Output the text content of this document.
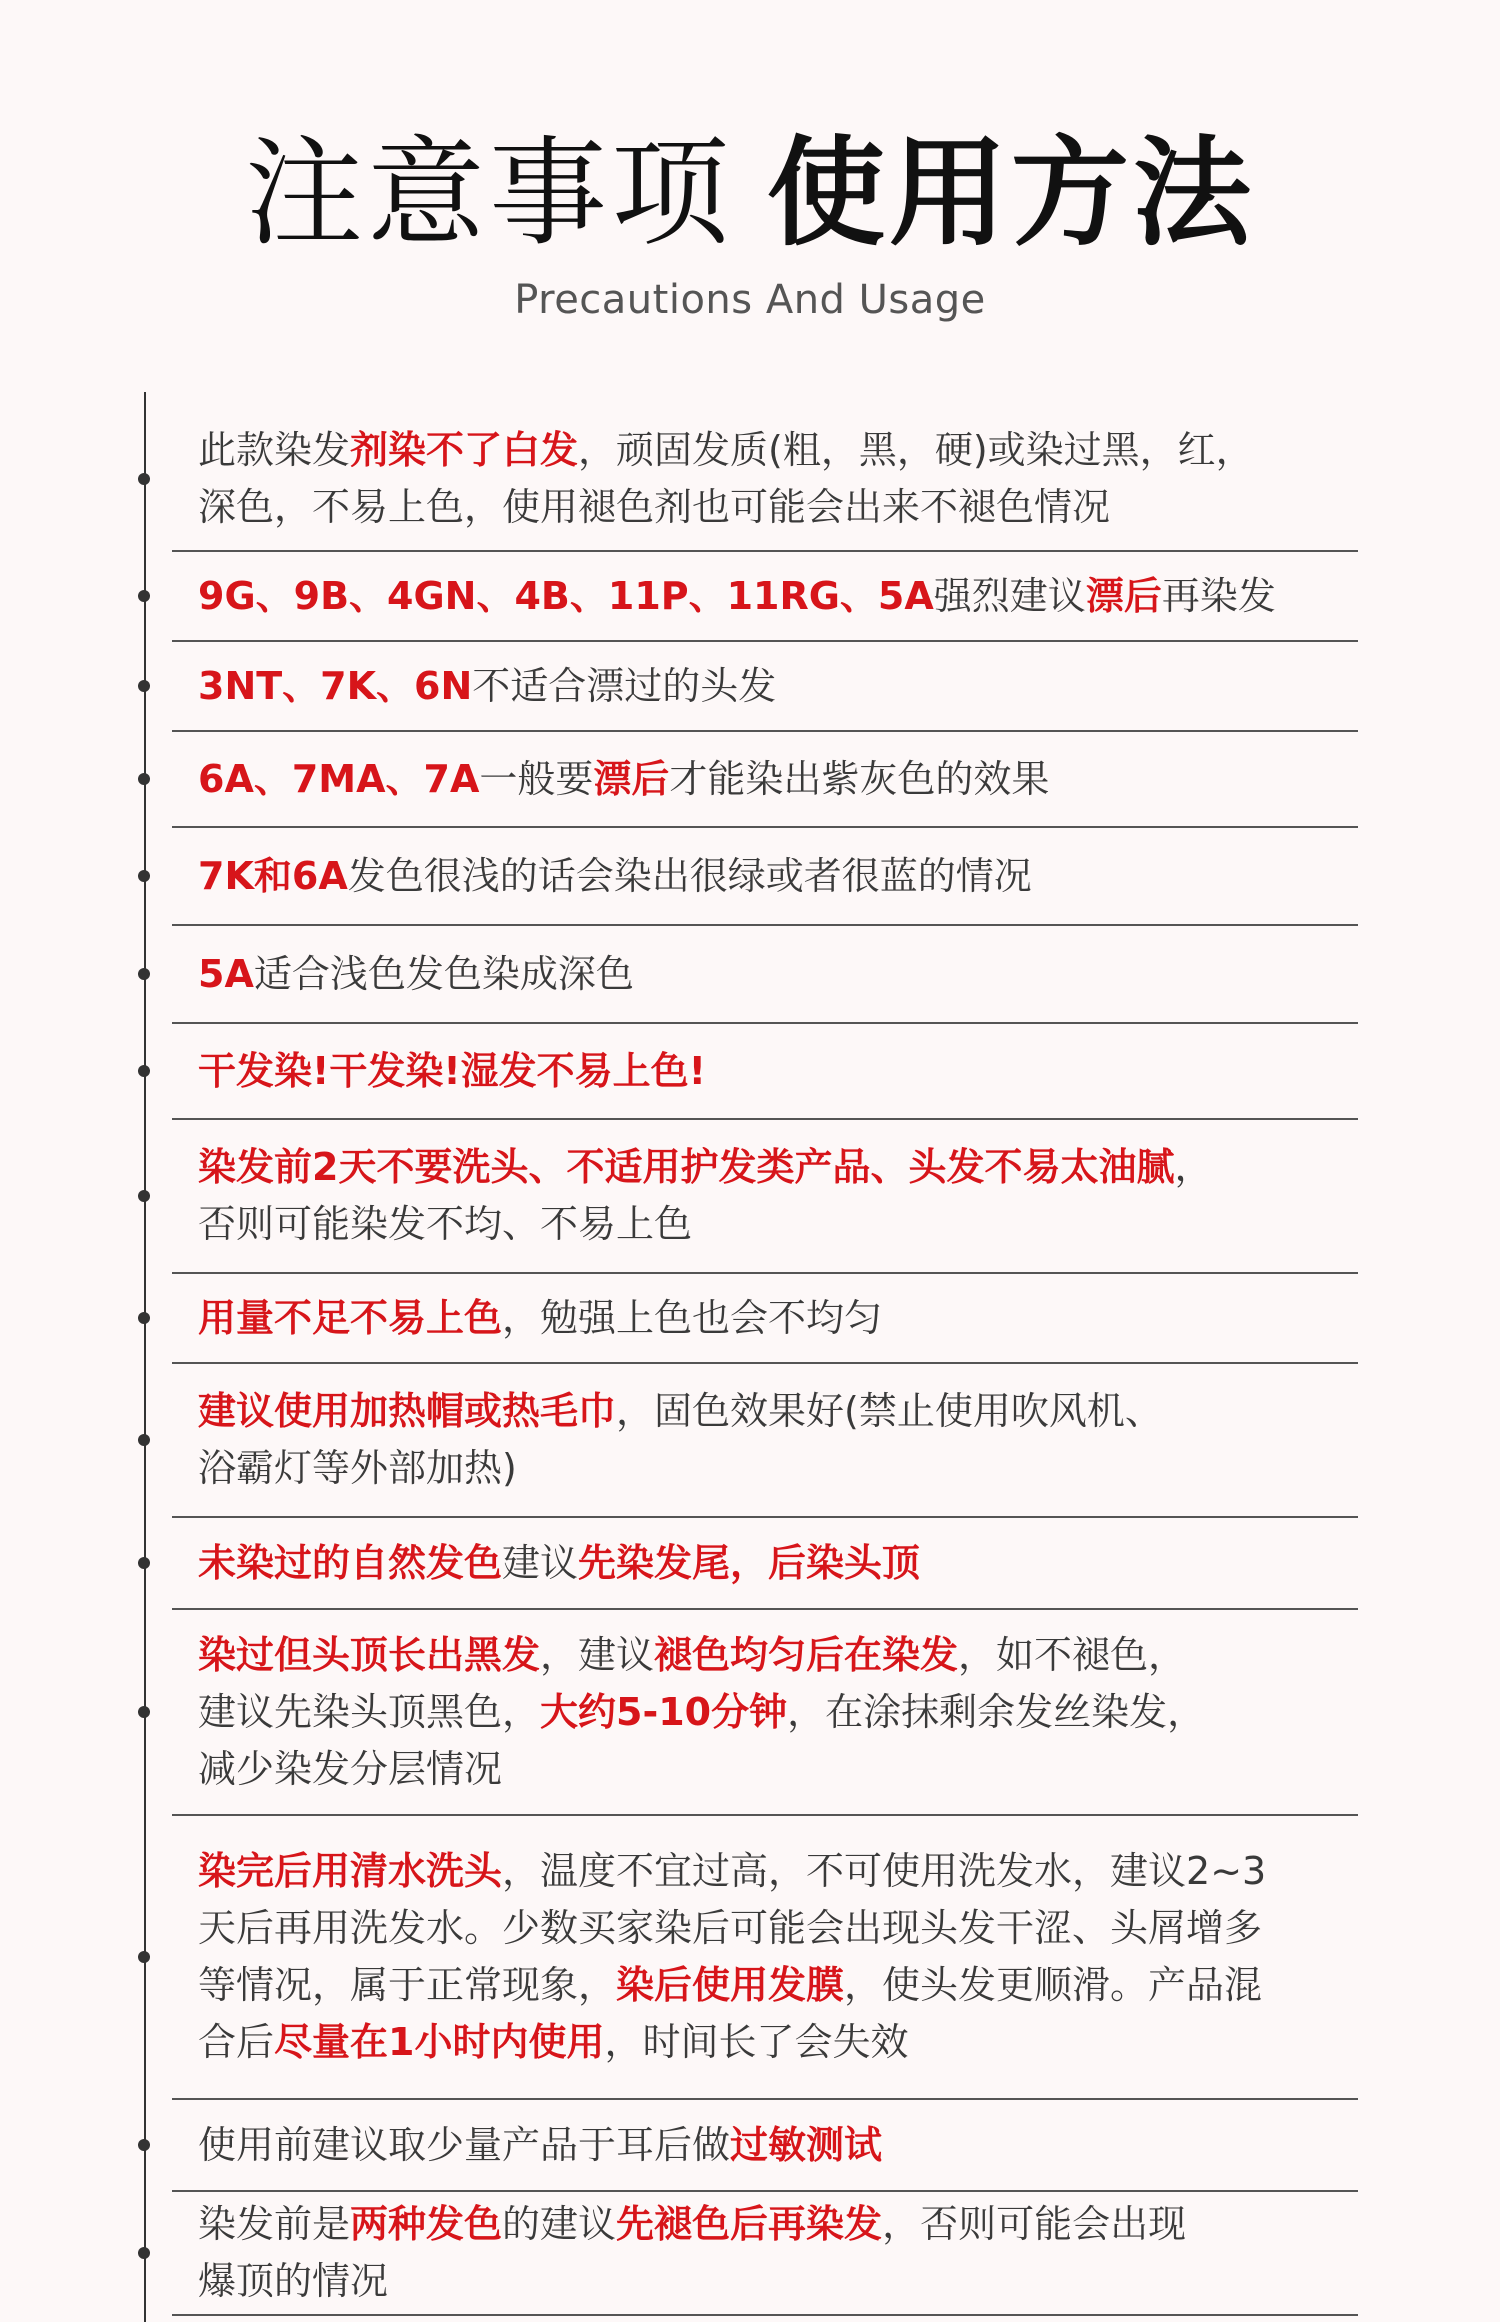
注意事项 使用方法
Precautions And Usage
此款染发剂染不了白发，顽固发质(粗，黑，硬)或染过黑，红，
深色，不易上色，使用褪色剂也可能会出来不褪色情况
9G、9B、4GN、4B、11P、11RG、5A强烈建议漂后再染发
3NT、7K、6N不适合漂过的头发
6A、7MA、7A一般要漂后才能染出紫灰色的效果
7K和6A发色很浅的话会染出很绿或者很蓝的情况
5A适合浅色发色染成深色
干发染!干发染!湿发不易上色!
染发前2天不要洗头、不适用护发类产品、头发不易太油腻，
否则可能染发不均、不易上色
用量不足不易上色，勉强上色也会不均匀
建议使用加热帽或热毛巾，固色效果好(禁止使用吹风机、
浴霸灯等外部加热)
未染过的自然发色建议先染发尾，后染头顶
染过但头顶长出黑发，建议褪色均匀后在染发，如不褪色，
建议先染头顶黑色，大约5-10分钟，在涂抹剩余发丝染发，
减少染发分层情况
染完后用清水洗头，温度不宜过高，不可使用洗发水，建议2~3
天后再用洗发水。少数买家染后可能会出现头发干涩、头屑增多
等情况，属于正常现象，染后使用发膜，使头发更顺滑。产品混
合后尽量在1小时内使用，时间长了会失效
使用前建议取少量产品于耳后做过敏测试
染发前是两种发色的建议先褪色后再染发，否则可能会出现
爆顶的情况
